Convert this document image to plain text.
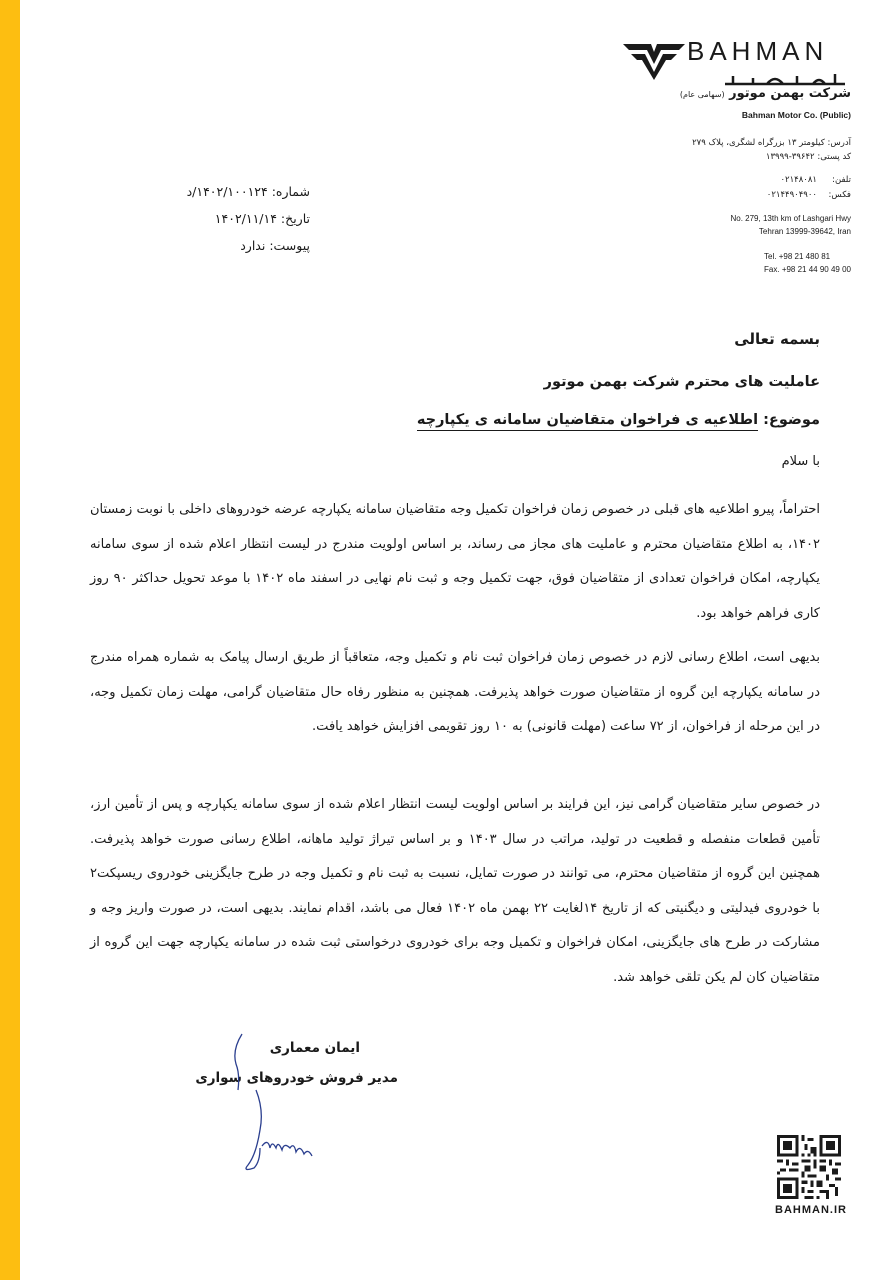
BAHMAN
شرکت بهمن موتور (سهامی عام)
Bahman Motor Co. (Public)
آدرس: کیلومتر ۱۳ بزرگراه لشگری، پلاک ۲۷۹
کد پستی: ۳۹۶۴۲-۱۳۹۹۹
تلفن:۰۲۱۴۸۰۸۱
فکس:۰۲۱۴۴۹۰۴۹۰۰
No. 279, 13th km of Lashgari Hwy
Tehran 13999-39642, Iran
Tel. +98 21 480 81
Fax. +98 21 44 90 49 00
شماره: ۱۴۰۲/۱۰۰۱۲۴/د
تاریخ: ۱۴۰۲/۱۱/۱۴
پیوست: ندارد
بسمه تعالی
عاملیت های محترم شرکت بهمن موتور
موضوع: اطلاعیه ی فراخوان متقاضیان سامانه ی یکپارچه
با سلام
احتراماً، پیرو اطلاعیه های قبلی در خصوص زمان فراخوان تکمیل وجه متقاضیان سامانه یکپارچه عرضه خودروهای داخلی با نوبت زمستان ۱۴۰۲، به اطلاع متقاضیان محترم و عاملیت های مجاز می رساند، بر اساس اولویت مندرج در لیست انتظار اعلام شده از سوی سامانه یکپارچه، امکان فراخوان تعدادی از متقاضیان فوق، جهت تکمیل وجه و ثبت نام نهایی در اسفند ماه ۱۴۰۲ با موعد تحویل حداکثر ۹۰ روز کاری فراهم خواهد بود.
بدیهی است، اطلاع رسانی لازم در خصوص زمان فراخوان ثبت نام و تکمیل وجه، متعاقباً از طریق ارسال پیامک به شماره همراه مندرج در سامانه یکپارچه این گروه از متقاضیان صورت خواهد پذیرفت. همچنین به منظور رفاه حال متقاضیان گرامی، مهلت زمان تکمیل وجه، در این مرحله از فراخوان، از ۷۲ ساعت (مهلت قانونی) به ۱۰ روز تقویمی افزایش خواهد یافت.
در خصوص سایر متقاضیان گرامی نیز، این فرایند بر اساس اولویت لیست انتظار اعلام شده از سوی سامانه یکپارچه و پس از تأمین ارز، تأمین قطعات منفصله و قطعیت در تولید، مراتب در سال ۱۴۰۳ و بر اساس تیراژ تولید ماهانه، اطلاع رسانی صورت خواهد پذیرفت. همچنین این گروه از متقاضیان محترم، می توانند در صورت تمایل، نسبت به ثبت نام و تکمیل وجه در طرح جایگزینی خودروی ریسپکت۲ با خودروی فیدلیتی و دیگنیتی که از تاریخ ۱۴لغایت ۲۲ بهمن ماه ۱۴۰۲ فعال می باشد، اقدام نمایند. بدیهی است، در صورت واریز وجه و مشارکت در طرح های جایگزینی، امکان فراخوان و تکمیل وجه برای خودروی درخواستی ثبت شده در سامانه یکپارچه جهت این گروه از متقاضیان کان لم یکن تلقی خواهد شد.
ایمان معماری
مدیر فروش خودروهای سواری
BAHMAN.IR
